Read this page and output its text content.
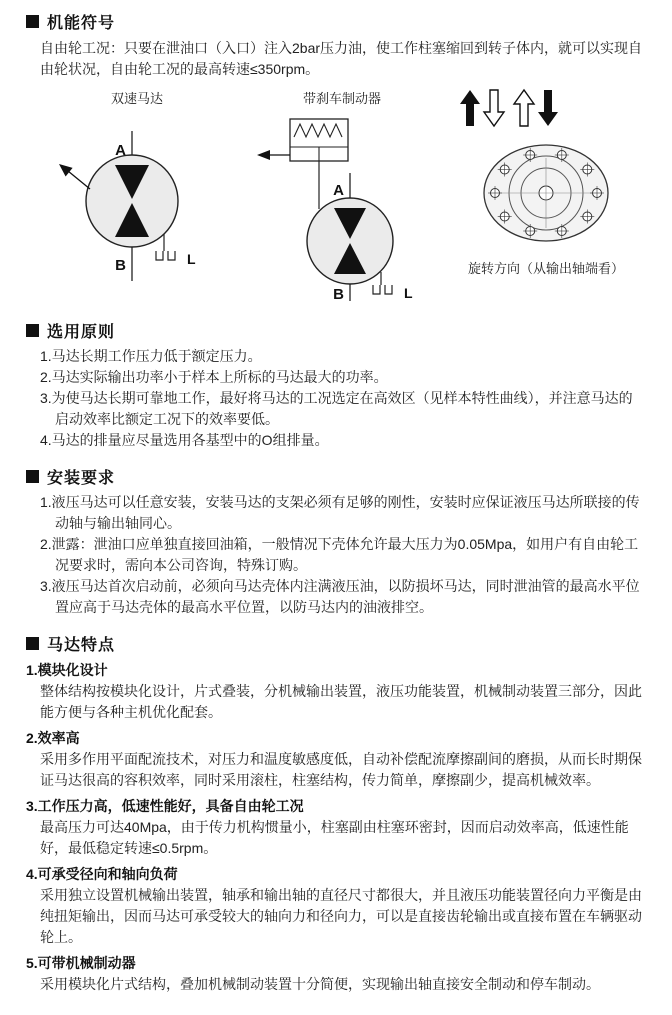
机能符号

自由轮工况：只要在泄油口（入口）注入2bar压力油，使工作柱塞缩回到转子体内，就可以实现自由轮状况，自由轮工况的最高转速≤350rpm。

双速马达
A
B	L
带刹车制动器
A
B	L
旋转方向（从输出轴端看）
选用原则

1.马达长期工作压力低于额定压力。

2.马达实际输出功率小于样本上所标的马达最大的功率。

3.为使马达长期可靠地工作，最好将马达的工况选定在高效区（见样本特性曲线），并注意马达的启动效率比额定工况下的效率要低。

4.马达的排量应尽量选用各基型中的O组排量。

安装要求

1.液压马达可以任意安装，安装马达的支架必须有足够的刚性，安装时应保证液压马达所联接的传动轴与输出轴同心。

2.泄露：泄油口应单独直接回油箱，一般情况下壳体允许最大压力为0.05Mpa，如用户有自由轮工况要求时，需向本公司咨询，特殊订购。

3.液压马达首次启动前，必须向马达壳体内注满液压油，以防损坏马达，同时泄油管的最高水平位置应高于马达壳体的最高水平位置，以防马达内的油液排空。

马达特点
1.模块化设计

整体结构按模块化设计，片式叠装，分机械输出装置，液压功能装置，机械制动装置三部分，因此能方便与各种主机优化配套。

2.效率高

采用多作用平面配流技术，对压力和温度敏感度低，自动补偿配流摩擦副间的磨损，从而长时期保证马达很高的容积效率，同时采用滚柱，柱塞结构，传力简单，摩擦副少，提高机械效率。

3.工作压力高，低速性能好，具备自由轮工况

最高压力可达40Mpa，由于传力机构惯量小，柱塞副由柱塞环密封，因而启动效率高，低速性能好，最低稳定转速≤0.5rpm。

4.可承受径向和轴向负荷

采用独立设置机械输出装置，轴承和输出轴的直径尺寸都很大，并且液压功能装置径向力平衡是由纯扭矩输出，因而马达可承受较大的轴向力和径向力，可以是直接齿轮输出或直接布置在车辆驱动轮上。

5.可带机械制动器

采用模块化片式结构，叠加机械制动装置十分简便，实现输出轴直接安全制动和停车制动。
